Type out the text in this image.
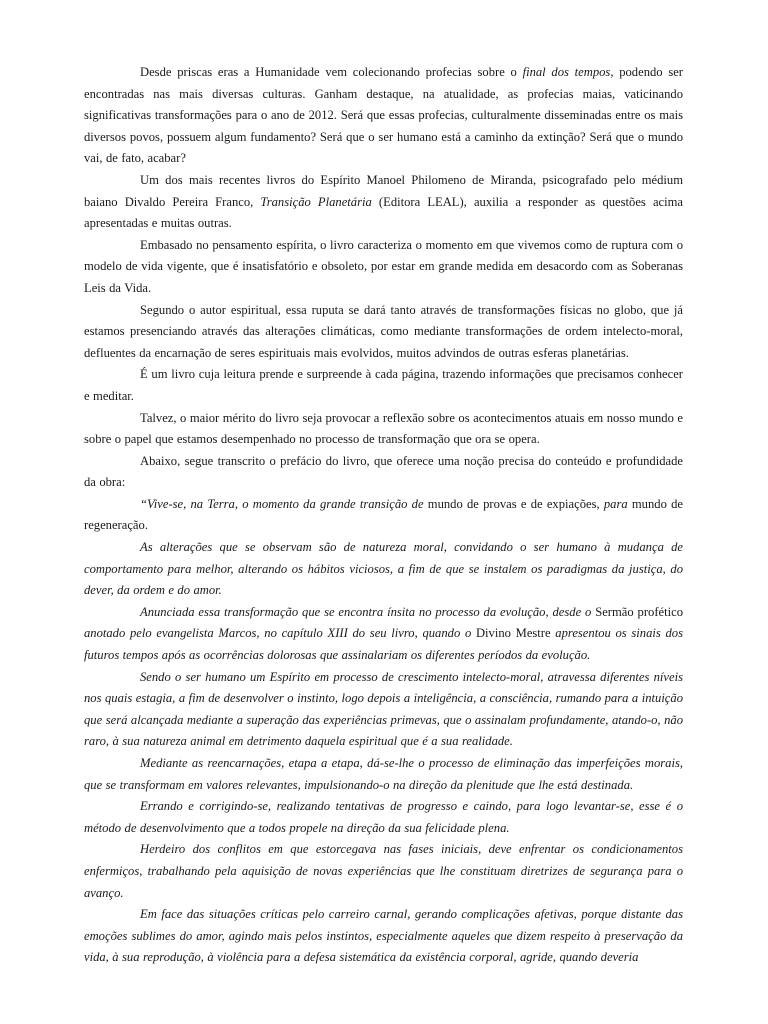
Desde priscas eras a Humanidade vem colecionando profecias sobre o final dos tempos, podendo ser encontradas nas mais diversas culturas. Ganham destaque, na atualidade, as profecias maias, vaticinando significativas transformações para o ano de 2012. Será que essas profecias, culturalmente disseminadas entre os mais diversos povos, possuem algum fundamento? Será que o ser humano está a caminho da extinção? Será que o mundo vai, de fato, acabar?

Um dos mais recentes livros do Espírito Manoel Philomeno de Miranda, psicografado pelo médium baiano Divaldo Pereira Franco, Transição Planetária (Editora LEAL), auxilia a responder as questões acima apresentadas e muitas outras.

Embasado no pensamento espírita, o livro caracteriza o momento em que vivemos como de ruptura com o modelo de vida vigente, que é insatisfatório e obsoleto, por estar em grande medida em desacordo com as Soberanas Leis da Vida.

Segundo o autor espiritual, essa ruputa se dará tanto através de transformações físicas no globo, que já estamos presenciando através das alterações climáticas, como mediante transformações de ordem intelecto-moral, defluentes da encarnação de seres espirituais mais evolvidos, muitos advindos de outras esferas planetárias.

É um livro cuja leitura prende e surpreende à cada página, trazendo informações que precisamos conhecer e meditar.

Talvez, o maior mérito do livro seja provocar a reflexão sobre os acontecimentos atuais em nosso mundo e sobre o papel que estamos desempenhado no processo de transformação que ora se opera.

Abaixo, segue transcrito o prefácio do livro, que oferece uma noção precisa do conteúdo e profundidade da obra:

“Vive-se, na Terra, o momento da grande transição de mundo de provas e de expiações, para mundo de regeneração.

As alterações que se observam são de natureza moral, convidando o ser humano à mudança de comportamento para melhor, alterando os hábitos viciosos, a fim de que se instalem os paradigmas da justiça, do dever, da ordem e do amor.

Anunciada essa transformação que se encontra ínsita no processo da evolução, desde o Sermão profético anotado pelo evangelista Marcos, no capítulo XIII do seu livro, quando o Divino Mestre apresentou os sinais dos futuros tempos após as ocorrências dolorosas que assinalariam os diferentes períodos da evolução.

Sendo o ser humano um Espírito em processo de crescimento intelecto-moral, atravessa diferentes níveis nos quais estagia, a fim de desenvolver o instinto, logo depois a inteligência, a consciência, rumando para a intuição que será alcançada mediante a superação das experiências primevas, que o assinalam profundamente, atando-o, não raro, à sua natureza animal em detrimento daquela espiritual que é a sua realidade.

Mediante as reencarnações, etapa a etapa, dá-se-lhe o processo de eliminação das imperfeições morais, que se transformam em valores relevantes, impulsionando-o na direção da plenitude que lhe está destinada.

Errando e corrigindo-se, realizando tentativas de progresso e caindo, para logo levantar-se, esse é o método de desenvolvimento que a todos propele na direção da sua felicidade plena.

Herdeiro dos conflitos em que estorcegava nas fases iniciais, deve enfrentar os condicionamentos enfermiços, trabalhando pela aquisição de novas experiências que lhe constituam diretrizes de segurança para o avanço.

Em face das situações críticas pelo carreiro carnal, gerando complicações afetivas, porque distante das emoções sublimes do amor, agindo mais pelos instintos, especialmente aqueles que dizem respeito à preservação da vida, à sua reprodução, à violência para a defesa sistemática da existência corporal, agride, quando deveria
